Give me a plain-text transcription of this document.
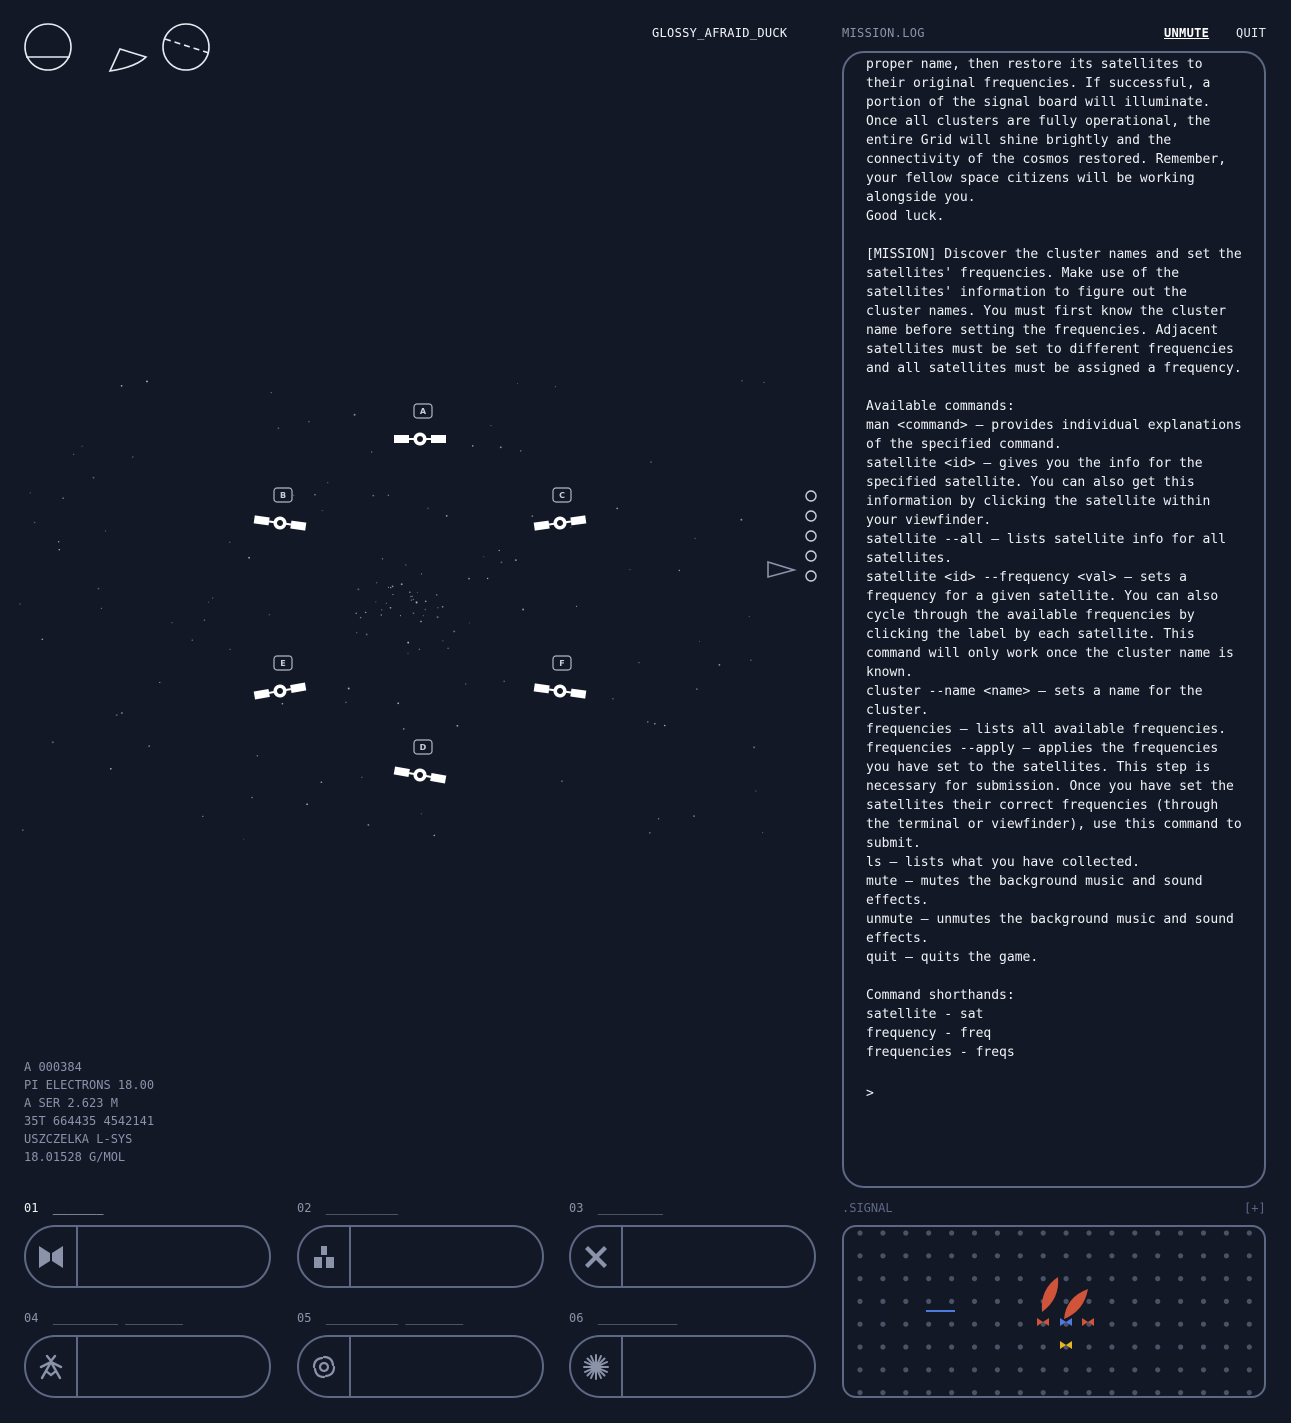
GLOSSY_AFRAID_DUCK	MISSION.LOG	UNMUTE QUIT
A
B	C
D
E	F
proper name, then restore its satellites to
their original frequencies. If successful, a
portion of the signal board will illuminate.
Once all clusters are fully operational, the
entire Grid will shine brightly and the
connectivity of the cosmos restored. Remember,
your fellow space citizens will be working
alongside you.
Good luck.

[MISSION] Discover the cluster names and set the
satellites' frequencies. Make use of the
satellites' information to figure out the
cluster names. You must first know the cluster
name before setting the frequencies. Adjacent
satellites must be set to different frequencies
and all satellites must be assigned a frequency.

Available commands:
man <command> – provides individual explanations
of the specified command.
satellite <id> – gives you the info for the
specified satellite. You can also get this
information by clicking the satellite within
your viewfinder.
satellite --all – lists satellite info for all
satellites.
satellite <id> --frequency <val> – sets a
frequency for a given satellite. You can also
cycle through the available frequencies by
clicking the label by each satellite. This
command will only work once the cluster name is
known.
cluster --name <name> – sets a name for the
cluster.
frequencies – lists all available frequencies.
frequencies --apply – applies the frequencies
you have set to the satellites. This step is
necessary for submission. Once you have set the
satellites their correct frequencies (through
the terminal or viewfinder), use this command to
submit.
ls – lists what you have collected.
mute – mutes the background music and sound
effects.
unmute – unmutes the background music and sound
effects.
quit – quits the game.

Command shorthands:
satellite - sat
frequency - freq
frequencies - freqs
>
A 000384
PI ELECTRONS 18.00
A SER 2.623 M
35T 664435 4542141
USZCZELKA L-SYS
18.01528 G/MOL
01 _______	02 __________	03 _________
04 _________ ________	05 __________ ________	06 ___________
.SIGNAL	[+]
